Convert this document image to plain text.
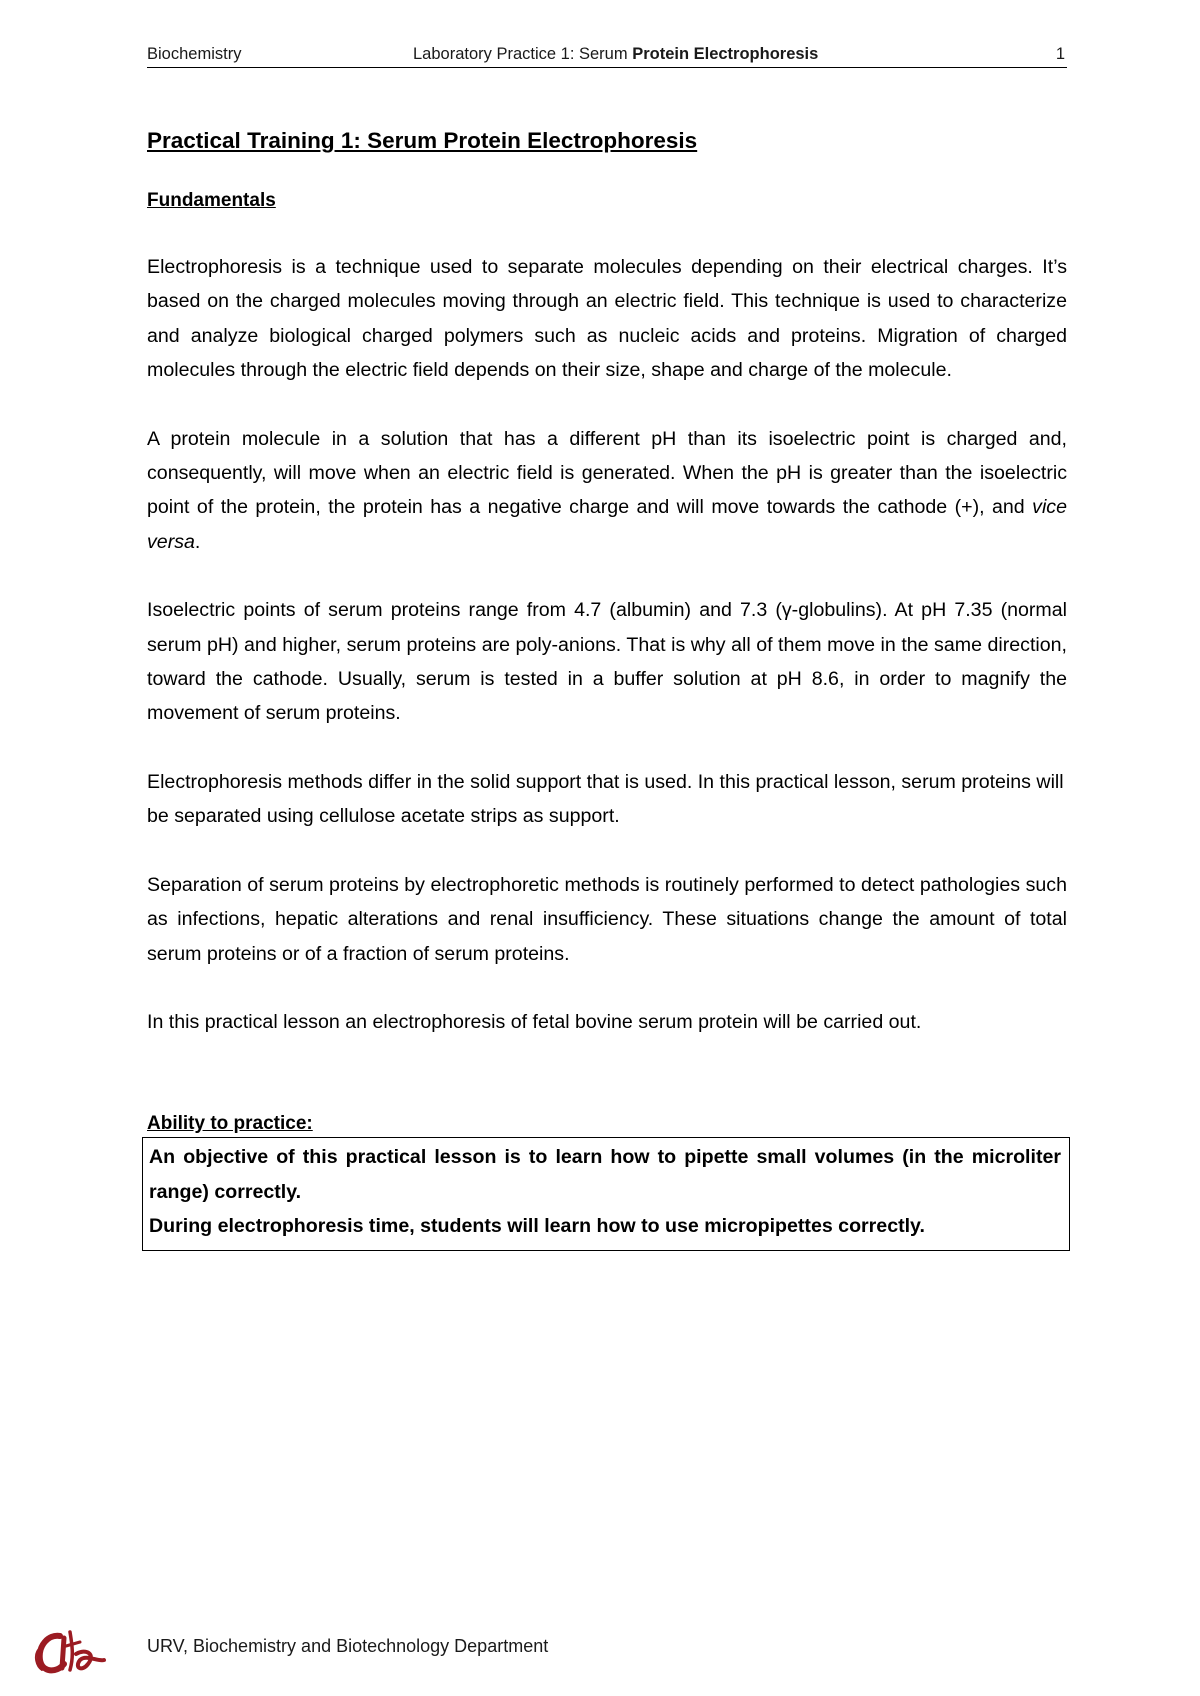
Biochemistry	Laboratory Practice 1: Serum Protein Electrophoresis	1
Practical Training 1: Serum Protein Electrophoresis
Fundamentals

Electrophoresis is a technique used to separate molecules depending on their electrical charges. It’s based on the charged molecules moving through an electric field. This technique is used to characterize and analyze biological charged polymers such as nucleic acids and proteins. Migration of charged molecules through the electric field depends on their size, shape and charge of the molecule.

A protein molecule in a solution that has a different pH than its isoelectric point is charged and, consequently, will move when an electric field is generated. When the pH is greater than the isoelectric point of the protein, the protein has a negative charge and will move towards the cathode (+), and vice versa.

Isoelectric points of serum proteins range from 4.7 (albumin) and 7.3 (γ-globulins). At pH 7.35 (normal serum pH) and higher, serum proteins are poly-anions. That is why all of them move in the same direction, toward the cathode. Usually, serum is tested in a buffer solution at pH 8.6, in order to magnify the movement of serum proteins.

Electrophoresis methods differ in the solid support that is used. In this practical lesson, serum proteins will be separated using cellulose acetate strips as support.

Separation of serum proteins by electrophoretic methods is routinely performed to detect pathologies such as infections, hepatic alterations and renal insufficiency. These situations change the amount of total serum proteins or of a fraction of serum proteins.

In this practical lesson an electrophoresis of fetal bovine serum protein will be carried out.

Ability to practice:

An objective of this practical lesson is to learn how to pipette small volumes (in the microliter range) correctly.

During electrophoresis time, students will learn how to use micropipettes correctly.

URV, Biochemistry and Biotechnology Department
